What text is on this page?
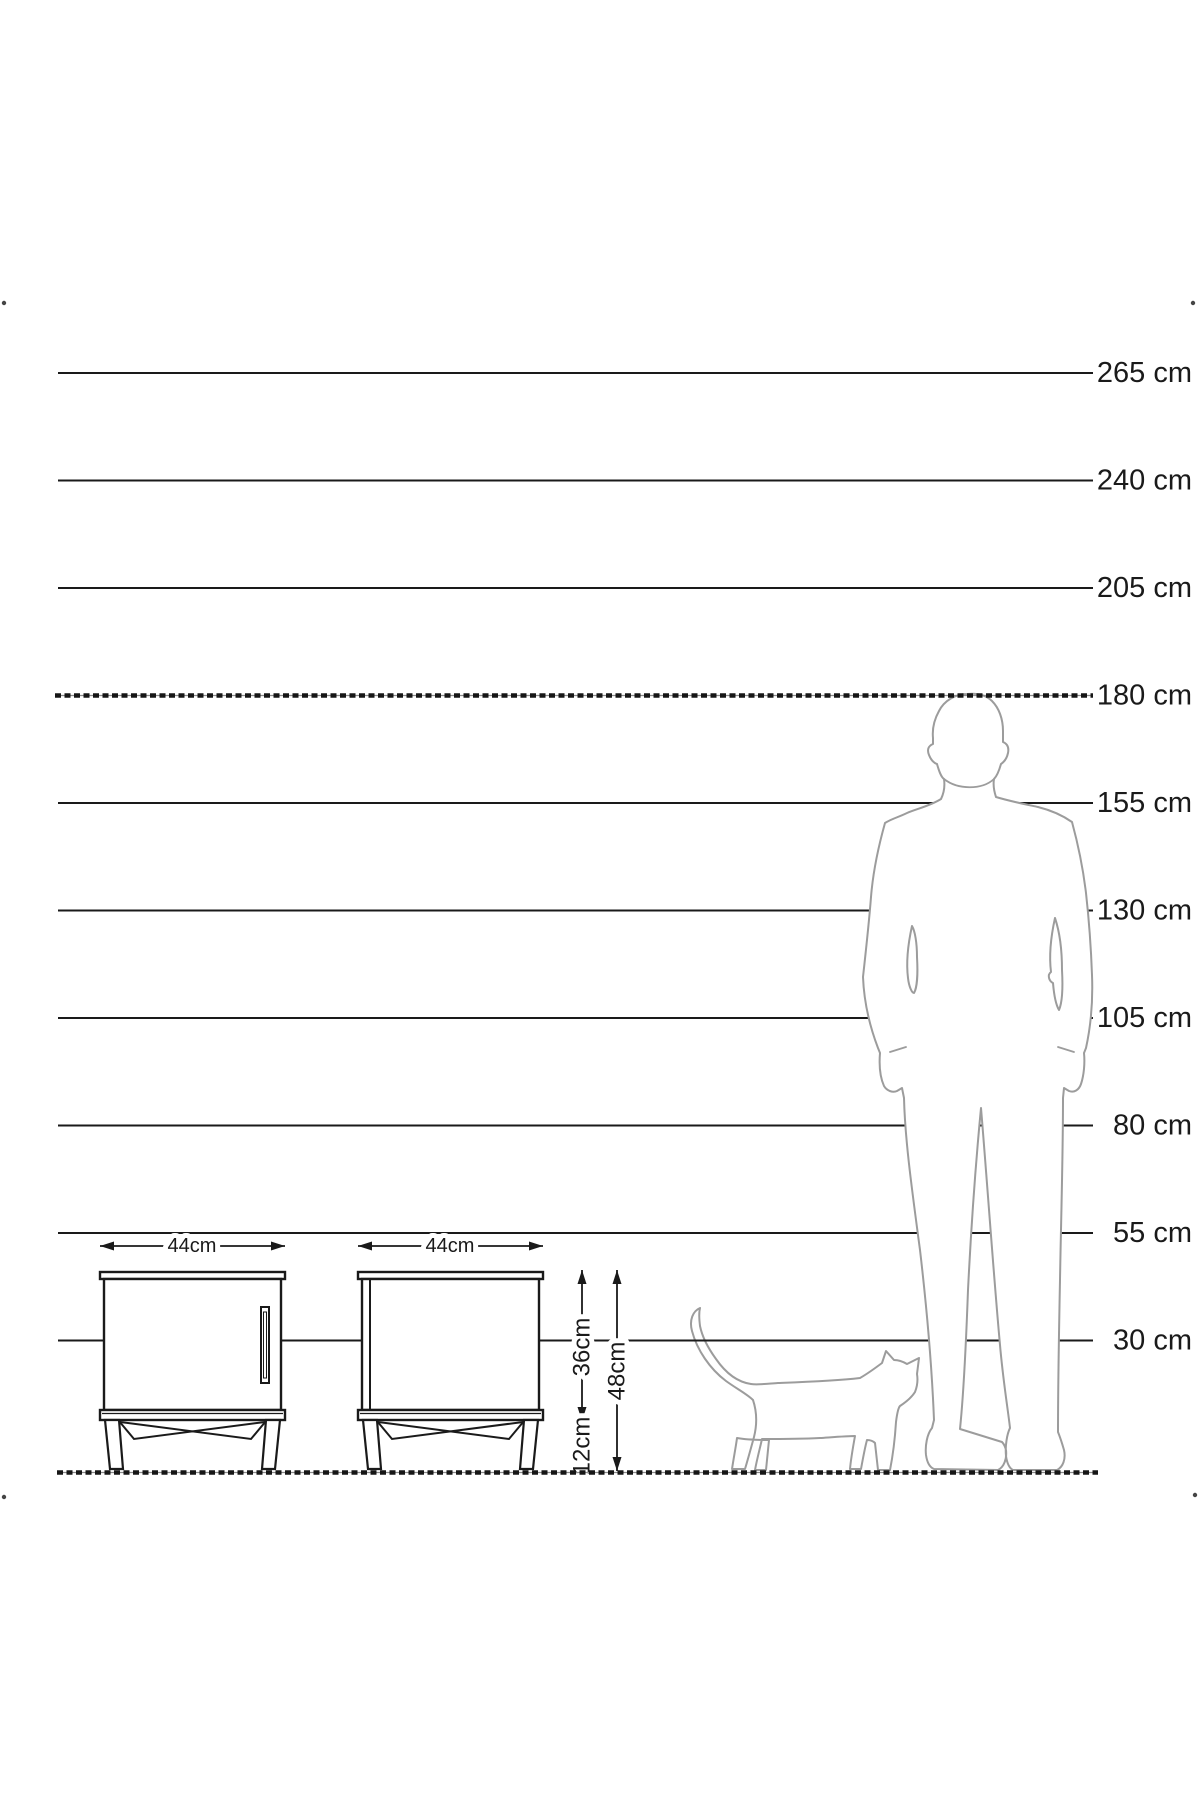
265 cm
240 cm
205 cm
180 cm
155 cm
130 cm
105 cm
80 cm
55 cm
30 cm
44cm	44cm
36cm
12cm
48cm
